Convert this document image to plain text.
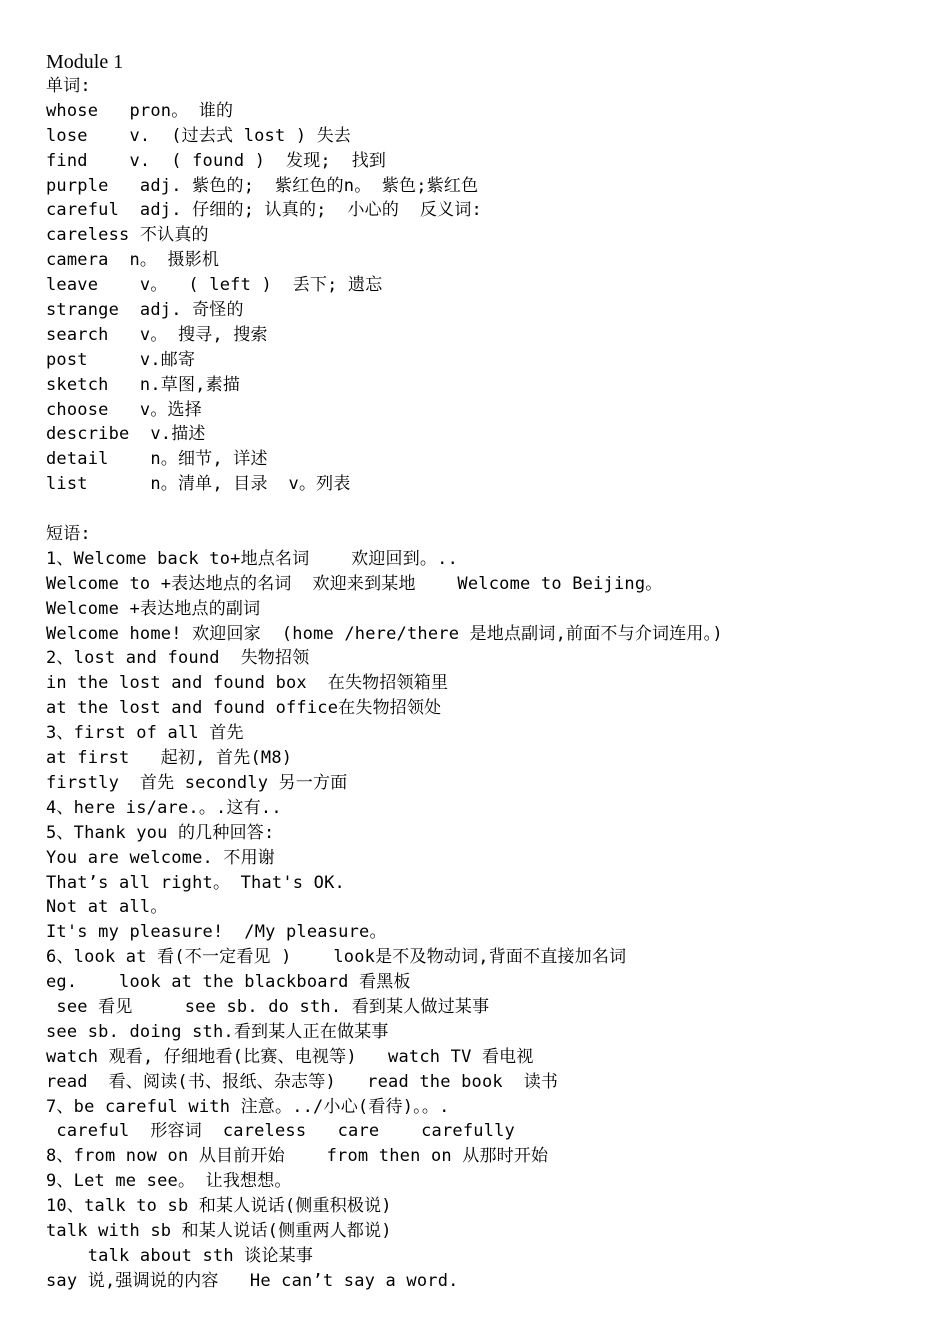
Module 1
单词:
whose   pron。 谁的
lose    v.  (过去式 lost ) 失去
find    v.  ( found )  发现;  找到
purple   adj. 紫色的;  紫红色的n。 紫色;紫红色
careful  adj. 仔细的; 认真的;  小心的  反义词:
careless 不认真的
camera  n。 摄影机
leave    v。  ( left )  丢下; 遗忘
strange  adj. 奇怪的
search   v。 搜寻, 搜索
post     v.邮寄
sketch   n.草图,素描
choose   v。选择
describe  v.描述
detail    n。细节, 详述
list      n。清单, 目录  v。列表
短语:
1、Welcome back to+地点名词    欢迎回到。..
Welcome to +表达地点的名词  欢迎来到某地    Welcome to Beijing。
Welcome +表达地点的副词
Welcome home! 欢迎回家  (home /here/there 是地点副词,前面不与介词连用。)
2、lost and found  失物招领
in the lost and found box  在失物招领箱里
at the lost and found office在失物招领处
3、first of all 首先
at first   起初, 首先(M8)
firstly  首先 secondly 另一方面
4、here is/are.。.这有..
5、Thank you 的几种回答:
You are welcome. 不用谢
That’s all right。 That's OK.
Not at all。
It's my pleasure!  /My pleasure。
6、look at 看(不一定看见 )    look是不及物动词,背面不直接加名词
eg.    look at the blackboard 看黑板
see 看见     see sb. do sth. 看到某人做过某事
see sb. doing sth.看到某人正在做某事
watch 观看, 仔细地看(比赛、电视等)   watch TV 看电视
read  看、阅读(书、报纸、杂志等)   read the book  读书
7、be careful with 注意。../小心(看待)。。.
careful  形容词  careless   care    carefully
8、from now on 从目前开始    from then on 从那时开始
9、Let me see。 让我想想。
10、talk to sb 和某人说话(侧重积极说)
talk with sb 和某人说话(侧重两人都说)
talk about sth 谈论某事
say 说,强调说的内容   He can’t say a word.
